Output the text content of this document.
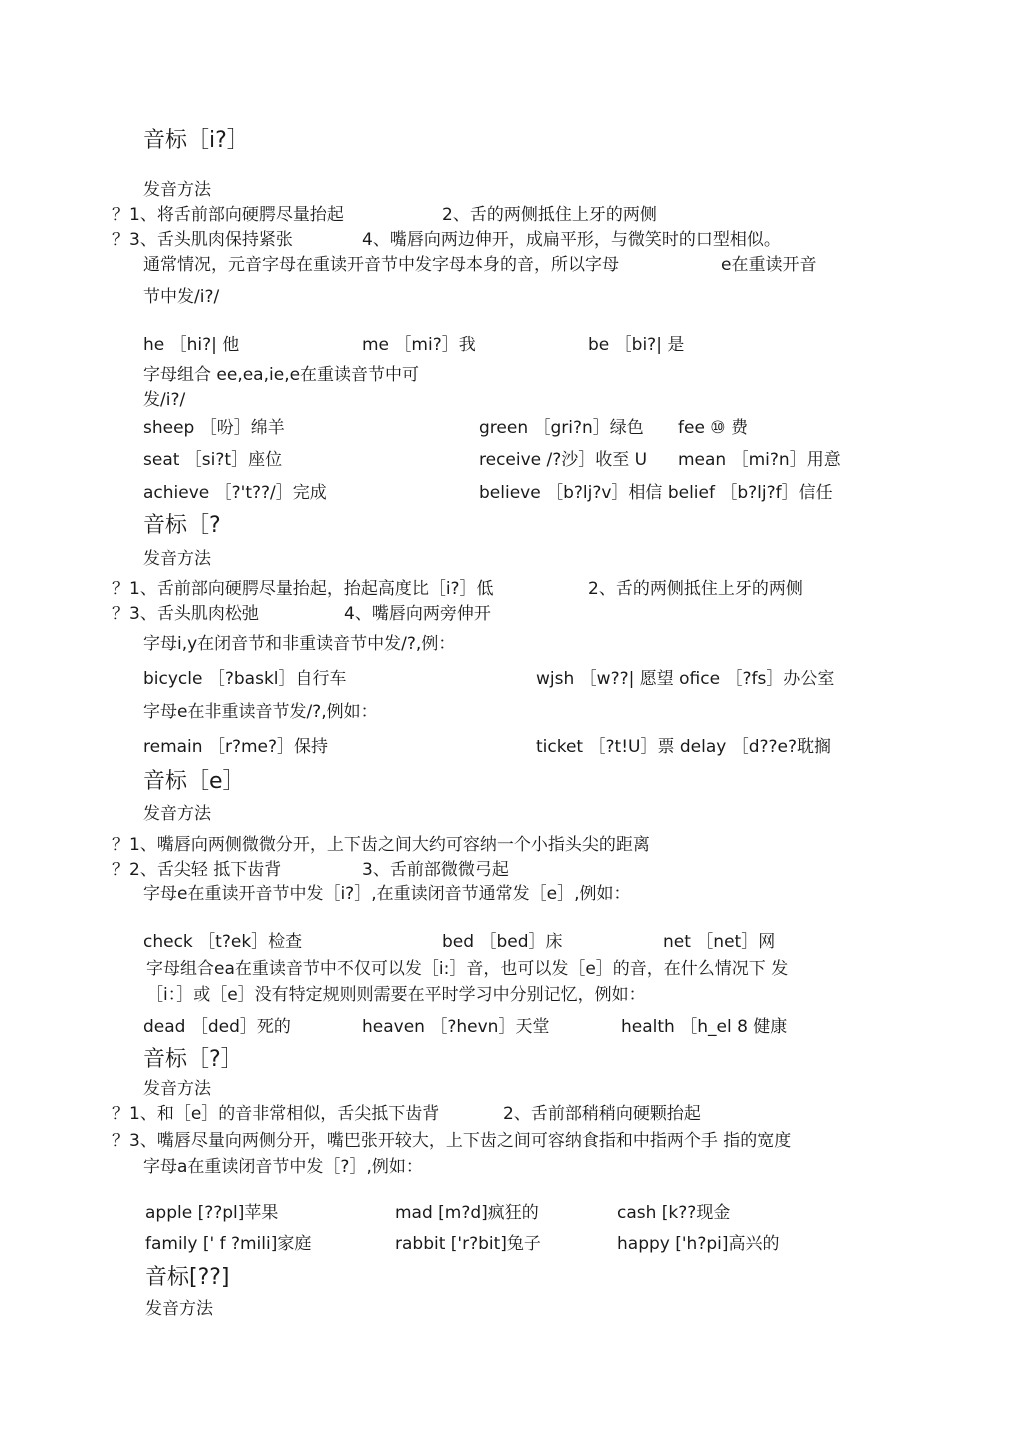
音标［i?］
发音方法
？1、将舌前部向硬腭尽量抬起	2、舌的两侧抵住上牙的两侧
？3、舌头肌肉保持紧张	4、嘴唇向两边伸开，成扁平形，与微笑时的口型相似。
通常情况，元音字母在重读开音节中发字母本身的音，所以字母	e在重读开音
节中发/i?/
he ［hi?| 他	me ［mi?］我	be ［bi?| 是
字母组合 ee,ea,ie,e在重读音节中可
发/i?/
sheep ［吩］绵羊	green ［gri?n］绿色 fee ⑩ 费
seat ［si?t］座位	receive /?沙］收至 U mean ［mi?n］用意
achieve ［?'t??/］完成	believe ［b?lj?v］相信 belief ［b?lj?f］信任
音标［?
发音方法
？1、舌前部向硬腭尽量抬起，抬起高度比［i?］低	2、舌的两侧抵住上牙的两侧
？3、舌头肌肉松弛	4、嘴唇向两旁伸开
字母i,y在闭音节和非重读音节中发/?,例：
bicycle ［?baskl］自行车	wjsh ［w??| 愿望 ofice ［?fs］办公室
字母e在非重读音节发/?,例如：
remain ［r?me?］保持	ticket ［?t!U］票 delay ［d??e?耽搁
音标［e］
发音方法
？1、嘴唇向两侧微微分开，上下齿之间大约可容纳一个小指头尖的距离
？2、舌尖轻 抵下齿背	3、舌前部微微弓起
字母e在重读开音节中发［i?］,在重读闭音节通常发［e］,例如：
check ［t?ek］检查	bed ［bed］床	net ［net］网
字母组合ea在重读音节中不仅可以发［i:］音，也可以发［e］的音，在什么情况下 发
［i：］或［e］没有特定规则则需要在平时学习中分别记忆，例如：
dead ［ded］死的	heaven ［?hevn］天堂	health ［h_el 8 健康
音标［?］
发音方法
？1、和［e］的音非常相似，舌尖抵下齿背	2、舌前部稍稍向硬颗抬起
？3、嘴唇尽量向两侧分开，嘴巴张开较大，上下齿之间可容纳食指和中指两个手 指的宽度
字母a在重读闭音节中发［?］,例如：
apple [??pl]苹果	mad [m?d]疯狂的	cash [k??现金
family [' f ?mili]家庭	rabbit ['r?bit]兔子	happy ['h?pi]高兴的
音标[??]
发音方法
